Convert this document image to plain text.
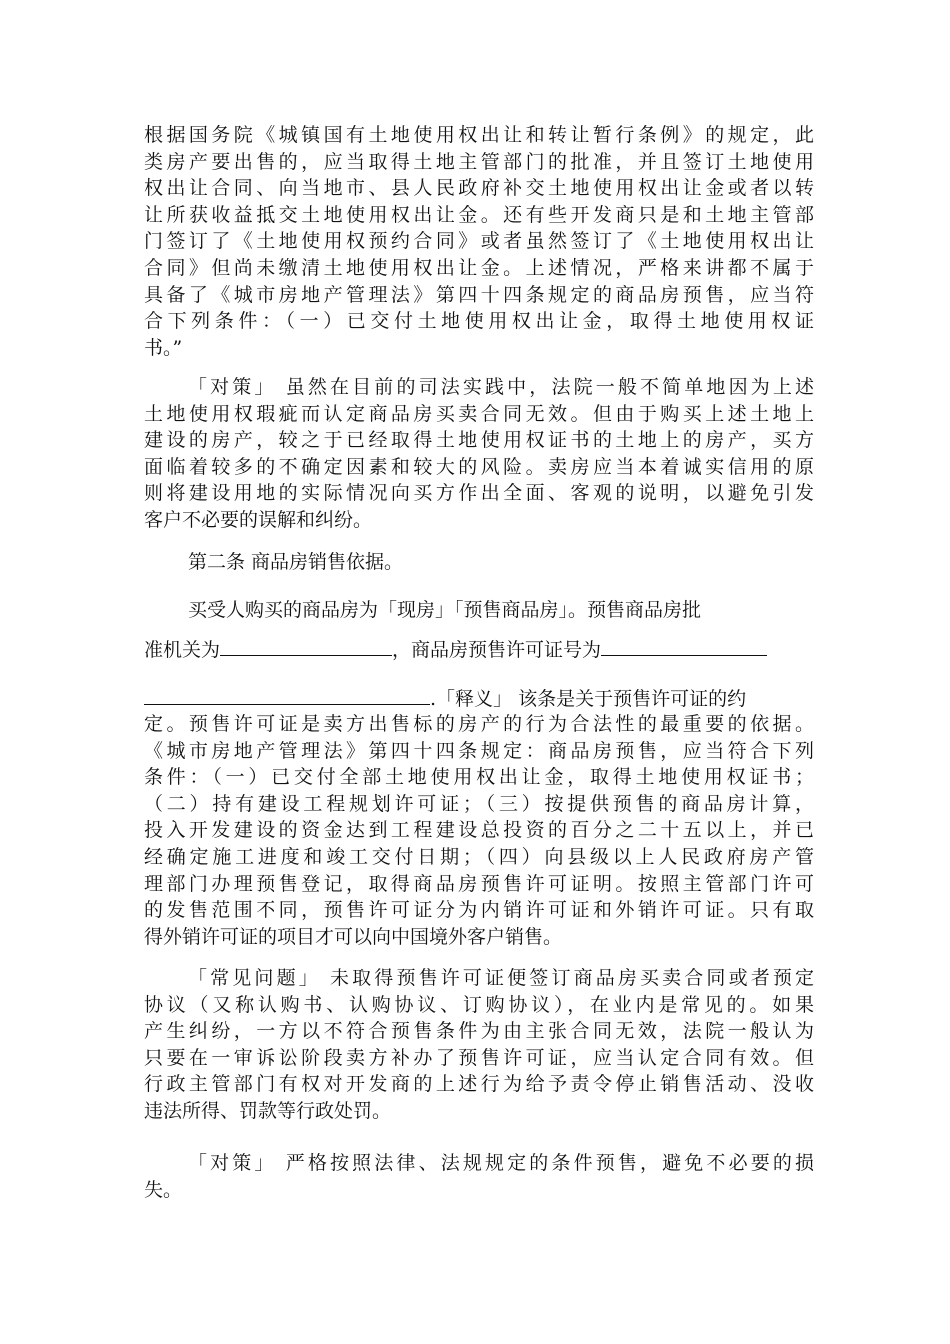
根据国务院《城镇国有土地使用权出让和转让暂行条例》的规定，此
类房产要出售的，应当取得土地主管部门的批准，并且签订土地使用
权出让合同、向当地市、县人民政府补交土地使用权出让金或者以转
让所获收益抵交土地使用权出让金。还有些开发商只是和土地主管部
门签订了《土地使用权预约合同》或者虽然签订了《土地使用权出让
合同》但尚未缴清土地使用权出让金。上述情况，严格来讲都不属于
具备了《城市房地产管理法》第四十四条规定的商品房预售，应当符
合下列条件：（一）已交付土地使用权出让金，取得土地使用权证
书。”
「对策」 虽然在目前的司法实践中，法院一般不简单地因为上述
土地使用权瑕疵而认定商品房买卖合同无效。但由于购买上述土地上
建设的房产，较之于已经取得土地使用权证书的土地上的房产，买方
面临着较多的不确定因素和较大的风险。卖房应当本着诚实信用的原
则将建设用地的实际情况向买方作出全面、客观的说明，以避免引发
客户不必要的误解和纠纷。
第二条 商品房销售依据。
买受人购买的商品房为「现房」「预售商品房」。预售商品房批
准机关为	，商品房预售许可证号为
.「释义」 该条是关于预售许可证的约
定。预售许可证是卖方出售标的房产的行为合法性的最重要的依据。
《城市房地产管理法》第四十四条规定：商品房预售，应当符合下列
条件：（一）已交付全部土地使用权出让金，取得土地使用权证书；
（二）持有建设工程规划许可证；（三）按提供预售的商品房计算，
投入开发建设的资金达到工程建设总投资的百分之二十五以上，并已
经确定施工进度和竣工交付日期；（四）向县级以上人民政府房产管
理部门办理预售登记，取得商品房预售许可证明。按照主管部门许可
的发售范围不同，预售许可证分为内销许可证和外销许可证。只有取
得外销许可证的项目才可以向中国境外客户销售。
「常见问题」 未取得预售许可证便签订商品房买卖合同或者预定
协议（又称认购书、认购协议、订购协议），在业内是常见的。如果
产生纠纷，一方以不符合预售条件为由主张合同无效，法院一般认为
只要在一审诉讼阶段卖方补办了预售许可证，应当认定合同有效。但
行政主管部门有权对开发商的上述行为给予责令停止销售活动、没收
违法所得、罚款等行政处罚。
「对策」 严格按照法律、法规规定的条件预售，避免不必要的损
失。
